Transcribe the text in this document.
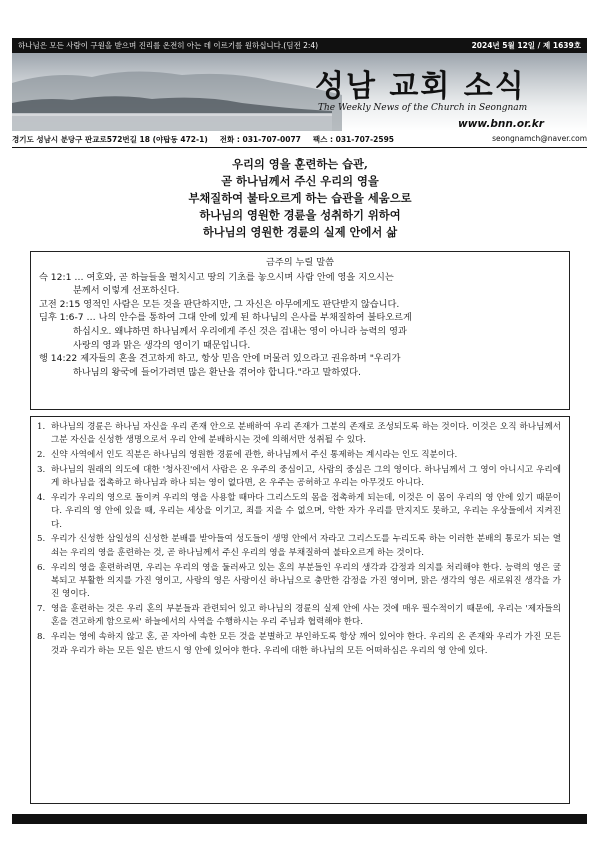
하나님은 모든 사람이 구원을 받으며 진리를 온전히 아는 데 이르기를 원하십니다.(딤전 2:4)	2024년 5월 12일 / 제 1639호
성남 교회 소식
The Weekly News of the Church in Seongnam
www.bnn.or.kr
경기도 성남시 분당구 판교로572번길 18 (야탑동 472-1) 전화 : 031-707-0077 팩스 : 031-707-2595	seongnamch@naver.com
우리의 영을 훈련하는 습관,
곧 하나님께서 주신 우리의 영을
부채질하여 불타오르게 하는 습관을 세움으로
하나님의 영원한 경륜을 성취하기 위하여
하나님의 영원한 경륜의 실제 안에서 삶
금주의 누릴 말씀
슥 12:1 … 여호와, 곧 하늘들을 펼치시고 땅의 기초를 놓으시며 사람 안에 영을 지으시는
분께서 이렇게 선포하신다.
고전 2:15 영적인 사람은 모든 것을 판단하지만, 그 자신은 아무에게도 판단받지 않습니다.
딤후 1:6-7 … 나의 안수를 통하여 그대 안에 있게 된 하나님의 은사를 부채질하여 불타오르게
하십시오. 왜냐하면 하나님께서 우리에게 주신 것은 겁내는 영이 아니라 능력의 영과
사랑의 영과 맑은 생각의 영이기 때문입니다.
행 14:22 제자들의 혼을 견고하게 하고, 항상 믿음 안에 머물러 있으라고 권유하며 "우리가
하나님의 왕국에 들어가려면 많은 환난을 겪어야 합니다."라고 말하였다.
1. 하나님의 경륜은 하나님 자신을 우리 존재 안으로 분배하여 우리 존재가 그분의 존재로 조성되도록 하는 것이다. 이것은 오직 하나님께서 그분 자신을 신성한 생명으로서 우리 안에 분배하시는 것에 의해서만 성취될 수 있다.
2. 신약 사역에서 인도 직분은 하나님의 영원한 경륜에 관한, 하나님께서 주신 통제하는 계시라는 인도 직분이다.
3. 하나님의 원래의 의도에 대한 '청사진'에서 사람은 온 우주의 중심이고, 사람의 중심은 그의 영이다. 하나님께서 그 영이 아니시고 우리에게 하나님을 접촉하고 하나님과 하나 되는 영이 없다면, 온 우주는 공허하고 우리는 아무것도 아니다.
4. 우리가 우리의 영으로 돌이켜 우리의 영을 사용할 때마다 그리스도의 몸을 접촉하게 되는데, 이것은 이 몸이 우리의 영 안에 있기 때문이다. 우리의 영 안에 있을 때, 우리는 세상을 이기고, 죄를 지을 수 없으며, 악한 자가 우리를 만지지도 못하고, 우리는 우상들에서 지켜진다.
5. 우리가 신성한 삼일성의 신성한 분배를 받아들여 성도들이 생명 안에서 자라고 그리스도를 누리도록 하는 이러한 분배의 통로가 되는 열쇠는 우리의 영을 훈련하는 것, 곧 하나님께서 주신 우리의 영을 부채질하여 불타오르게 하는 것이다.
6. 우리의 영을 훈련하려면, 우리는 우리의 영을 둘러싸고 있는 혼의 부분들인 우리의 생각과 감정과 의지를 처리해야 한다. 능력의 영은 굴복되고 부활한 의지를 가진 영이고, 사랑의 영은 사랑이신 하나님으로 충만한 감정을 가진 영이며, 맑은 생각의 영은 새로워진 생각을 가진 영이다.
7. 영을 훈련하는 것은 우리 혼의 부분들과 관련되어 있고 하나님의 경륜의 실제 안에 사는 것에 매우 필수적이기 때문에, 우리는 '제자들의 혼을 견고하게 함으로써' 하늘에서의 사역을 수행하시는 우리 주님과 협력해야 한다.
8. 우리는 영에 속하지 않고 혼, 곧 자아에 속한 모든 것을 분별하고 부인하도록 항상 깨어 있어야 한다. 우리의 온 존재와 우리가 가진 모든 것과 우리가 하는 모든 일은 반드시 영 안에 있어야 한다. 우리에 대한 하나님의 모든 어떠하심은 우리의 영 안에 있다.
